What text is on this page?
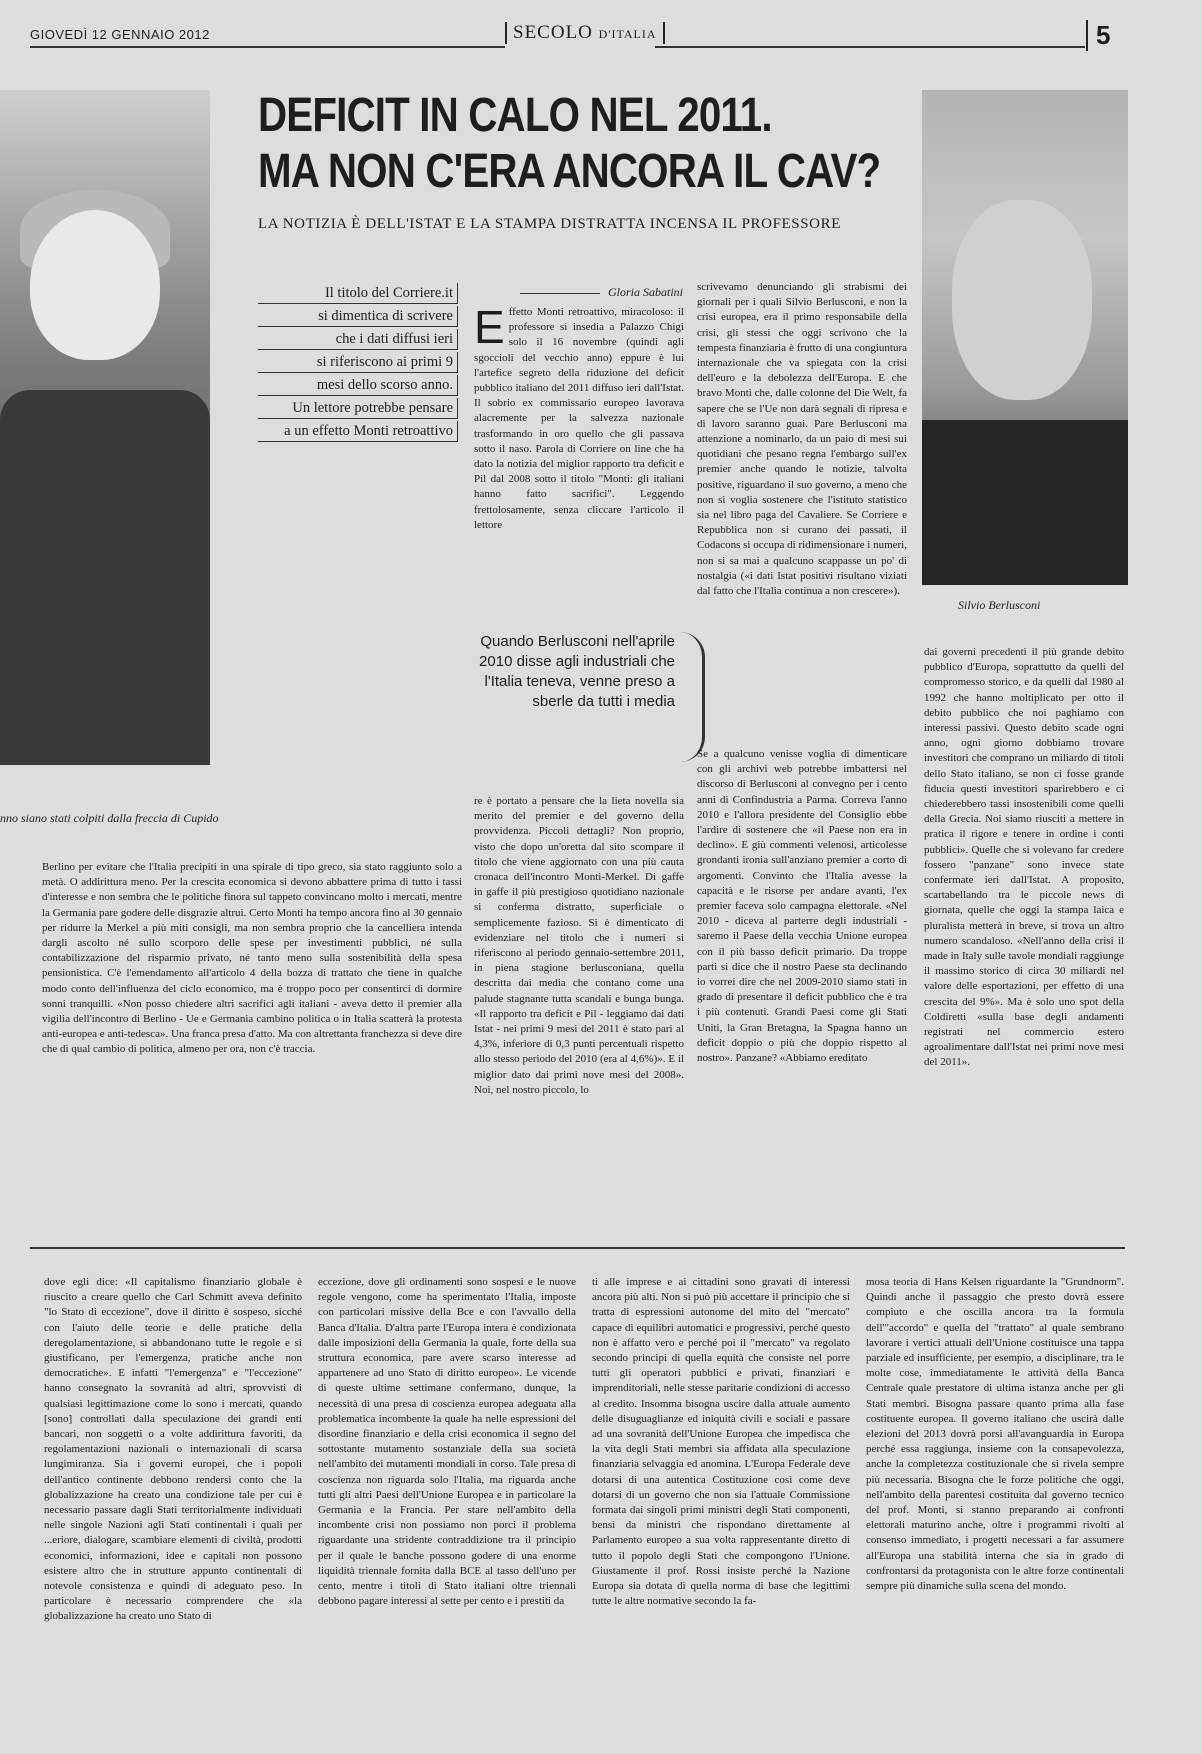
GIOVEDÌ 12 GENNAIO 2012	SECOLO D'ITALIA	5
DEFICIT IN CALO NEL 2011.
MA NON C'ERA ANCORA IL CAV?
LA NOTIZIA È DELL'ISTAT E LA STAMPA DISTRATTA INCENSA IL PROFESSORE
nno siano stati colpiti dalla freccia di Cupido
Silvio Berlusconi
Il titolo del Corriere.it
si dimentica di scrivere
che i dati diffusi ieri
si riferiscono ai primi 9
mesi dello scorso anno.
Un lettore potrebbe pensare
a un effetto Monti retroattivo
Gloria Sabatini
Effetto Monti retroattivo, miracoloso: il professore si insedia a Palazzo Chigi solo il 16 novembre (quindi agli sgoccioli del vecchio anno) eppure è lui l'artefice segreto della riduzione del deficit pubblico italiano del 2011 diffuso ieri dall'Istat. Il sobrio ex commissario europeo lavorava alacremente per la salvezza nazionale trasformando in oro quello che gli passava sotto il naso. Parola di Corriere on line che ha dato la notizia del miglior rapporto tra deficit e Pil dal 2008 sotto il titolo "Monti: gli italiani hanno fatto sacrifici". Leggendo frettolosamente, senza cliccare l'articolo il lettore
Quando Berlusconi nell'aprile 2010 disse agli industriali che l'Italia teneva, venne preso a sberle da tutti i media
re è portato a pensare che la lieta novella sia merito del premier e del governo della provvidenza. Piccoli dettagli? Non proprio, visto che dopo un'oretta dal sito scompare il titolo che viene aggiornato con una più cauta cronaca dell'incontro Monti-Merkel. Di gaffe in gaffe il più prestigioso quotidiano nazionale si conferma distratto, superficiale o semplicemente fazioso. Si è dimenticato di evidenziare nel titolo che i numeri si riferiscono al periodo gennaio-settembre 2011, in piena stagione berlusconiana, quella descritta dai media che contano come una palude stagnante tutta scandali e bunga bunga. «Il rapporto tra deficit e Pil - leggiamo dai dati Istat - nei primi 9 mesi del 2011 è stato pari al 4,3%, inferiore di 0,3 punti percentuali rispetto allo stesso periodo del 2010 (era al 4,6%)». E il miglior dato dai primi nove mesi del 2008». Noi, nel nostro piccolo, lo
scrivevamo denunciando gli strabismi dei giornali per i quali Silvio Berlusconi, e non la crisi europea, era il primo responsabile della crisi, gli stessi che oggi scrivono che la tempesta finanziaria è frutto di una congiuntura internazionale che va spiegata con la crisi dell'euro e la debolezza dell'Europa. E che bravo Monti che, dalle colonne del Die Welt, fa sapere che se l'Ue non darà segnali di ripresa e di lavoro saranno guai. Pare Berlusconi ma attenzione a nominarlo, da un paio di mesi sui quotidiani che pesano regna l'embargo sull'ex premier anche quando le notizie, talvolta positive, riguardano il suo governo, a meno che non si voglia sostenere che l'istituto statistico sia nel libro paga del Cavaliere. Se Corriere e Repubblica non si curano dei passati, il Codacons si occupa di ridimensionare i numeri, non si sa mai a qualcuno scappasse un po' di nostalgia («i dati Istat positivi risultano viziati dal fatto che l'Italia continua a non crescere»).
Se a qualcuno venisse voglia di dimenticare con gli archivi web potrebbe imbattersi nel discorso di Berlusconi al convegno per i cento anni di Confindustria a Parma. Correva l'anno 2010 e l'allora presidente del Consiglio ebbe l'ardire di sostenere che «il Paese non era in declino». E giù commenti velenosi, articolesse grondanti ironia sull'anziano premier a corto di argomenti. Convinto che l'Italia avesse la capacità e le risorse per andare avanti, l'ex premier faceva solo campagna elettorale. «Nel 2010 - diceva al parterre degli industriali - saremo il Paese della vecchia Unione europea con il più basso deficit primario. Da troppe parti si dice che il nostro Paese sta declinando io vorrei dire che nel 2009-2010 siamo stati in grado di presentare il deficit pubblico che è tra i più contenuti. Grandi Paesi come gli Stati Uniti, la Gran Bretagna, la Spagna hanno un deficit doppio o più che doppio rispetto al nostro». Panzane? «Abbiamo ereditato
dai governi precedenti il più grande debito pubblico d'Europa, soprattutto da quelli del compromesso storico, e da quelli dal 1980 al 1992 che hanno moltiplicato per otto il debito pubblico che noi paghiamo con interessi passivi. Questo debito scade ogni anno, ogni giorno dobbiamo trovare investitori che comprano un miliardo di titoli dello Stato italiano, se non ci fosse grande fiducia questi investitori sparirebbero e ci chiederebbero tassi insostenibili come quelli della Grecia. Noi siamo riusciti a mettere in pratica il rigore e tenere in ordine i conti pubblici». Quelle che si volevano far credere fossero "panzane" sono invece state confermate ieri dall'Istat. A proposito, scartabellando tra le piccole news di giornata, quelle che oggi la stampa laica e pluralista metterà in breve, si trova un altro numero scandaloso. «Nell'anno della crisi il made in Italy sulle tavole mondiali raggiunge il massimo storico di circa 30 miliardi nel valore delle esportazioni, per effetto di una crescita del 9%». Ma è solo uno spot della Coldiretti «sulla base degli andamenti registrati nel commercio estero agroalimentare dall'Istat nei primi nove mesi del 2011».
Berlino per evitare che l'Italia precipiti in una spirale di tipo greco, sia stato raggiunto solo a metà. O addirittura meno. Per la crescita economica si devono abbattere prima di tutto i tassi d'interesse e non sembra che le politiche finora sul tappeto convincano molto i mercati, mentre la Germania pare godere delle disgrazie altrui. Certo Monti ha tempo ancora fino al 30 gennaio per ridurre la Merkel a più miti consigli, ma non sembra proprio che la cancelliera intenda dargli ascolto né sullo scorporo delle spese per investimenti pubblici, né sulla contabilizzazione del risparmio privato, né tanto meno sulla sostenibilità della spesa pensionistica. C'è l'emendamento all'articolo 4 della bozza di trattato che tiene in qualche modo conto dell'influenza del ciclo economico, ma è troppo poco per consentirci di dormire sonni tranquilli. «Non posso chiedere altri sacrifici agli italiani - aveva detto il premier alla vigilia dell'incontro di Berlino - Ue e Germania cambino politica o in Italia scatterà la protesta anti-europea e anti-tedesca». Una franca presa d'atto. Ma con altrettanta franchezza si deve dire che di qual cambio di politica, almeno per ora, non c'è traccia.
dove egli dice: «Il capitalismo finanziario globale è riuscito a creare quello che Carl Schmitt aveva definito "lo Stato di eccezione", dove il diritto è sospeso, sicché con l'aiuto delle teorie e delle pratiche della deregolamentazione, si abbandonano tutte le regole e si giustificano, per l'emergenza, pratiche anche non democratiche». E infatti "l'emergenza" e "l'eccezione" hanno consegnato la sovranità ad altri, sprovvisti di qualsiasi legittimazione come lo sono i mercati, quando [sono] controllati dalla speculazione dei grandi enti bancari, non soggetti o a volte addirittura favoriti, da regolamentazioni nazionali o internazionali di scarsa lungimiranza. Sia i governi europei, che i popoli dell'antico continente debbono rendersi conto che la globalizzazione ha creato una condizione tale per cui è necessario passare dagli Stati territorialmente individuati nelle singole Nazioni agli Stati continentali i quali per ...eriore, dialogare, scambiare elementi di civiltà, prodotti economici, informazioni, idee e capitali non possono esistere altro che in strutture appunto continentali di notevole consistenza e quindi di adeguato peso. In particolare è necessario comprendere che «la globalizzazione ha creato uno Stato di
eccezione, dove gli ordinamenti sono sospesi e le nuove regole vengono, come ha sperimentato l'Italia, imposte con particolari missive della Bce e con l'avvallo della Banca d'Italia. D'altra parte l'Europa intera è condizionata dalle imposizioni della Germania la quale, forte della sua struttura economica, pare avere scarso interesse ad appartenere ad uno Stato di diritto europeo». Le vicende di queste ultime settimane confermano, dunque, la necessità di una presa di coscienza europea adeguata alla problematica incombente la quale ha nelle espressioni del disordine finanziario e della crisi economica il segno del sottostante mutamento sostanziale della sua società nell'ambito dei mutamenti mondiali in corso. Tale presa di coscienza non riguarda solo l'Italia, ma riguarda anche tutti gli altri Paesi dell'Unione Europea e in particolare la Germania e la Francia. Per stare nell'ambito della incombente crisi non possiamo non porci il problema riguardante una stridente contraddizione tra il principio per il quale le banche possono godere di una enorme liquidità triennale fornita dalla BCE al tasso dell'uno per cento, mentre i titoli di Stato italiani oltre triennali debbono pagare interessi al sette per cento e i prestiti da
ti alle imprese e ai cittadini sono gravati di interessi ancora più alti. Non si può più accettare il principio che si tratta di espressioni autonome del mito del "mercato" capace di equilibri automatici e progressivi, perché questo non è affatto vero e perché poi il "mercato" va regolato secondo principi di quella equità che consiste nel porre tutti gli operatori pubblici e privati, finanziari e imprenditoriali, nelle stesse paritarie condizioni di accesso al credito. Insomma bisogna uscire dalla attuale aumento delle disuguaglianze ed iniquità civili e sociali e passare ad una sovranità dell'Unione Europea che impedisca che la vita degli Stati membri sia affidata alla speculazione finanziaria selvaggia ed anomina. L'Europa Federale deve dotarsi di una autentica Costituzione così come deve dotarsi di un governo che non sia l'attuale Commissione formata dai singoli primi ministri degli Stati componenti, bensì da ministri che rispondano direttamente al Parlamento europeo a sua volta rappresentante diretto di tutto il popolo degli Stati che compongono l'Unione. Giustamente il prof. Rossi insiste perché la Nazione Europa sia dotata di quella norma di base che legittimi tutte le altre normative secondo la fa-
mosa teoria di Hans Kelsen riguardante la "Grundnorm". Quindi anche il passaggio che presto dovrà essere compiuto e che oscilla ancora tra la formula dell'"accordo" e quella del "trattato" al quale sembrano lavorare i vertici attuali dell'Unione costituisce una tappa parziale ed insufficiente, per esempio, a disciplinare, tra le molte cose, immediatamente le attività della Banca Centrale quale prestatore di ultima istanza anche per gli Stati membri. Bisogna passare quanto prima alla fase costituente europea. Il governo italiano che uscirà dalle elezioni del 2013 dovrà porsi all'avanguardia in Europa perché essa raggiunga, insieme con la consapevolezza, anche la completezza costituzionale che si rivela sempre più necessaria. Bisogna che le forze politiche che oggi, nell'ambito della parentesi costituita dal governo tecnico del prof. Monti, si stanno preparando ai confronti elettorali maturino anche, oltre i programmi rivolti al consenso immediato, i progetti necessari a far assumere all'Europa una stabilità interna che sia in grado di confrontarsi da protagonista con le altre forze continentali sempre più dinamiche sulla scena del mondo.
